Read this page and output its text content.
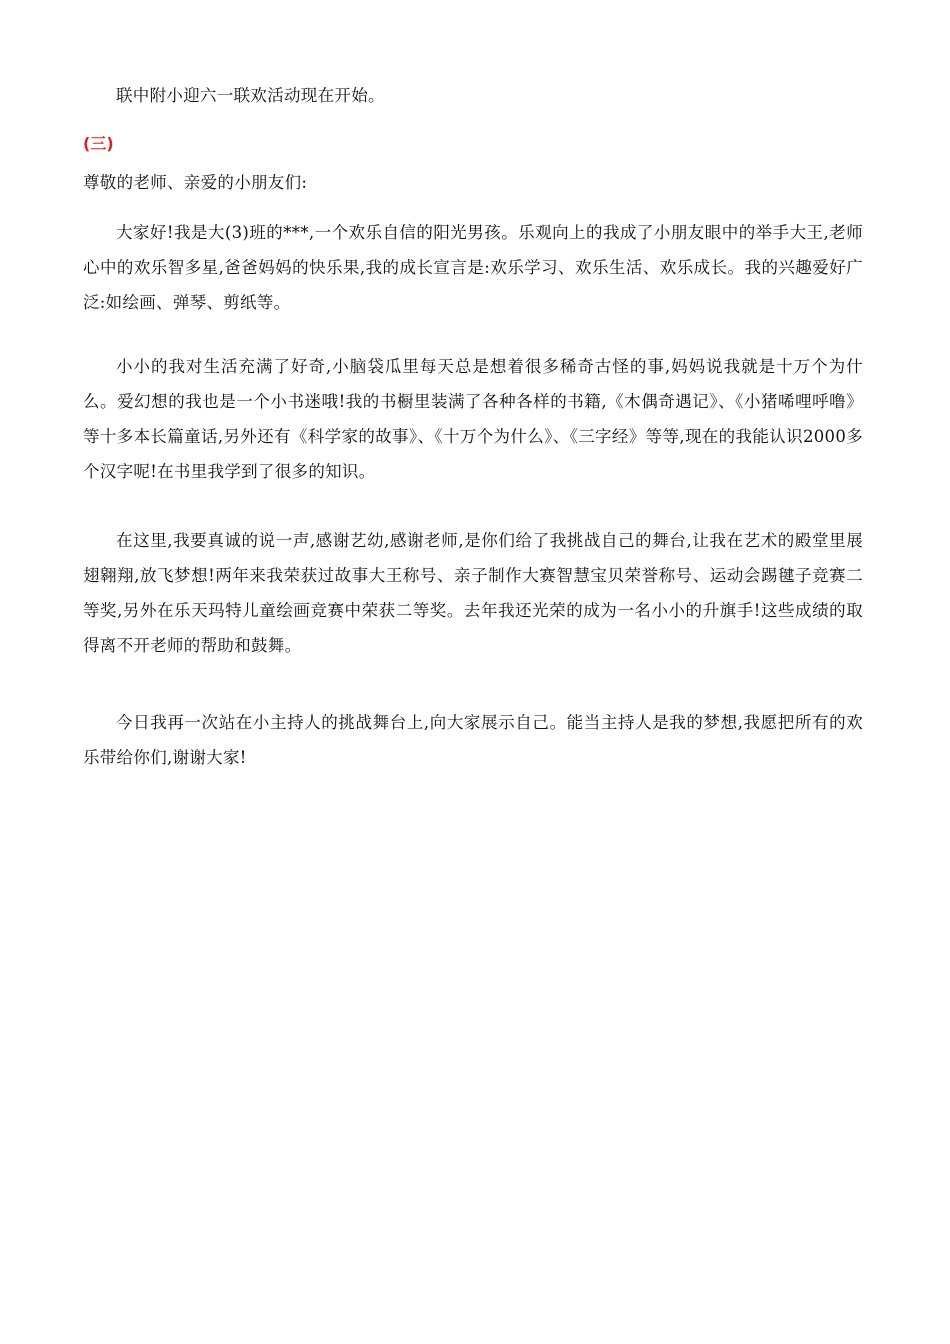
联中附小迎六一联欢活动现在开始。

(三)

尊敬的老师、亲爱的小朋友们:

大家好!我是大(3)班的***,一个欢乐自信的阳光男孩。乐观向上的我成了小朋友眼中的举手大王,老师心中的欢乐智多星,爸爸妈妈的快乐果,我的成长宣言是:欢乐学习、欢乐生活、欢乐成长。我的兴趣爱好广泛:如绘画、弹琴、剪纸等。

小小的我对生活充满了好奇,小脑袋瓜里每天总是想着很多稀奇古怪的事,妈妈说我就是十万个为什么。爱幻想的我也是一个小书迷哦!我的书橱里装满了各种各样的书籍,《木偶奇遇记》、《小猪唏哩呼噜》等十多本长篇童话,另外还有《科学家的故事》、《十万个为什么》、《三字经》等等,现在的我能认识2000多个汉字呢!在书里我学到了很多的知识。

在这里,我要真诚的说一声,感谢艺幼,感谢老师,是你们给了我挑战自己的舞台,让我在艺术的殿堂里展翅翱翔,放飞梦想!两年来我荣获过故事大王称号、亲子制作大赛智慧宝贝荣誉称号、运动会踢毽子竞赛二等奖,另外在乐天玛特儿童绘画竞赛中荣获二等奖。去年我还光荣的成为一名小小的升旗手!这些成绩的取得离不开老师的帮助和鼓舞。

今日我再一次站在小主持人的挑战舞台上,向大家展示自己。能当主持人是我的梦想,我愿把所有的欢乐带给你们,谢谢大家!
